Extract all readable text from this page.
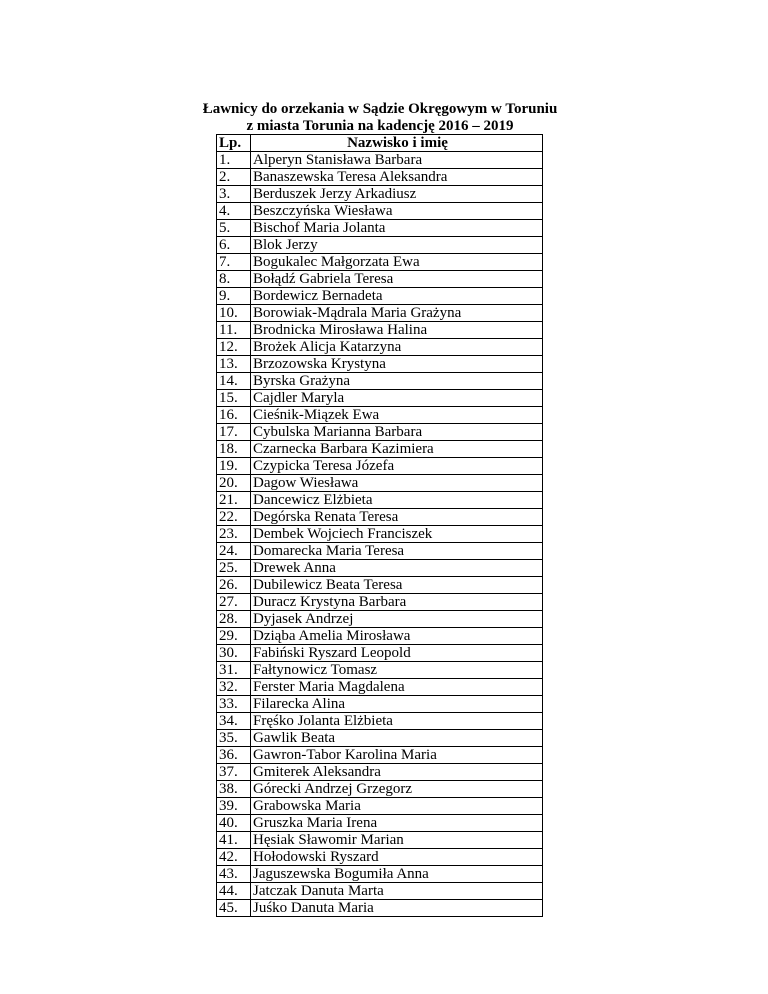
Ławnicy do orzekania w Sądzie Okręgowym w Toruniu
z miasta Torunia na kadencję 2016 – 2019
Lp.	Nazwisko i imię
1.	Alperyn Stanisława Barbara
2.	Banaszewska Teresa Aleksandra
3.	Berduszek Jerzy Arkadiusz
4.	Beszczyńska Wiesława
5.	Bischof Maria Jolanta
6.	Blok Jerzy
7.	Bogukalec Małgorzata Ewa
8.	Bołądź Gabriela Teresa
9.	Bordewicz Bernadeta
10.	Borowiak-Mądrala Maria Grażyna
11.	Brodnicka Mirosława Halina
12.	Brożek Alicja Katarzyna
13.	Brzozowska Krystyna
14.	Byrska Grażyna
15.	Cajdler Maryla
16.	Cieśnik-Miązek Ewa
17.	Cybulska Marianna Barbara
18.	Czarnecka Barbara Kazimiera
19.	Czypicka Teresa Józefa
20.	Dagow Wiesława
21.	Dancewicz Elżbieta
22.	Degórska Renata Teresa
23.	Dembek Wojciech Franciszek
24.	Domarecka Maria Teresa
25.	Drewek Anna
26.	Dubilewicz Beata Teresa
27.	Duracz Krystyna Barbara
28.	Dyjasek Andrzej
29.	Dziąba Amelia Mirosława
30.	Fabiński Ryszard Leopold
31.	Fałtynowicz Tomasz
32.	Ferster Maria Magdalena
33.	Filarecka Alina
34.	Fręśko Jolanta Elżbieta
35.	Gawlik Beata
36.	Gawron-Tabor Karolina Maria
37.	Gmiterek Aleksandra
38.	Górecki Andrzej Grzegorz
39.	Grabowska Maria
40.	Gruszka Maria Irena
41.	Hęsiak Sławomir Marian
42.	Hołodowski Ryszard
43.	Jaguszewska Bogumiła Anna
44.	Jatczak Danuta Marta
45.	Juśko Danuta Maria
